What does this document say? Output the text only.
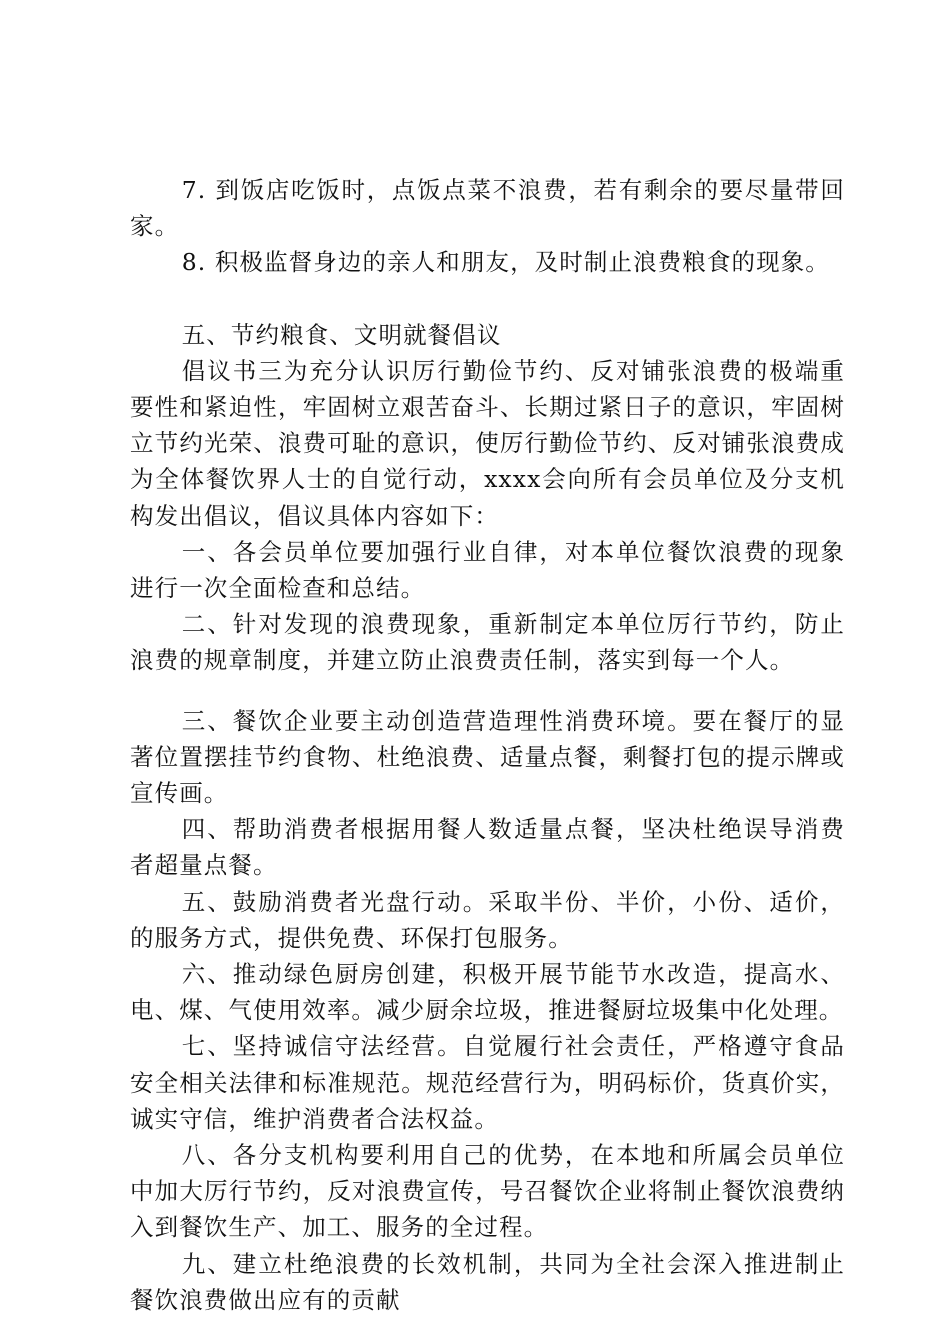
7. 到饭店吃饭时，点饭点菜不浪费，若有剩余的要尽量带回家。

8. 积极监督身边的亲人和朋友，及时制止浪费粮食的现象。

五、节约粮食、文明就餐倡议

倡议书三为充分认识厉行勤俭节约、反对铺张浪费的极端重要性和紧迫性，牢固树立艰苦奋斗、长期过紧日子的意识，牢固树立节约光荣、浪费可耻的意识，使厉行勤俭节约、反对铺张浪费成为全体餐饮界人士的自觉行动，xxxx会向所有会员单位及分支机构发出倡议，倡议具体内容如下：

一、各会员单位要加强行业自律，对本单位餐饮浪费的现象进行一次全面检查和总结。

二、针对发现的浪费现象，重新制定本单位厉行节约，防止浪费的规章制度，并建立防止浪费责任制，落实到每一个人。

三、餐饮企业要主动创造营造理性消费环境。要在餐厅的显著位置摆挂节约食物、杜绝浪费、适量点餐，剩餐打包的提示牌或宣传画。

四、帮助消费者根据用餐人数适量点餐，坚决杜绝误导消费者超量点餐。

五、鼓励消费者光盘行动。采取半份、半价，小份、适价，的服务方式，提供免费、环保打包服务。

六、推动绿色厨房创建，积极开展节能节水改造，提高水、电、煤、气使用效率。减少厨余垃圾，推进餐厨垃圾集中化处理。

七、坚持诚信守法经营。自觉履行社会责任，严格遵守食品安全相关法律和标准规范。规范经营行为，明码标价，货真价实，诚实守信，维护消费者合法权益。

八、各分支机构要利用自己的优势，在本地和所属会员单位中加大厉行节约，反对浪费宣传，号召餐饮企业将制止餐饮浪费纳入到餐饮生产、加工、服务的全过程。

九、建立杜绝浪费的长效机制，共同为全社会深入推进制止餐饮浪费做出应有的贡献
